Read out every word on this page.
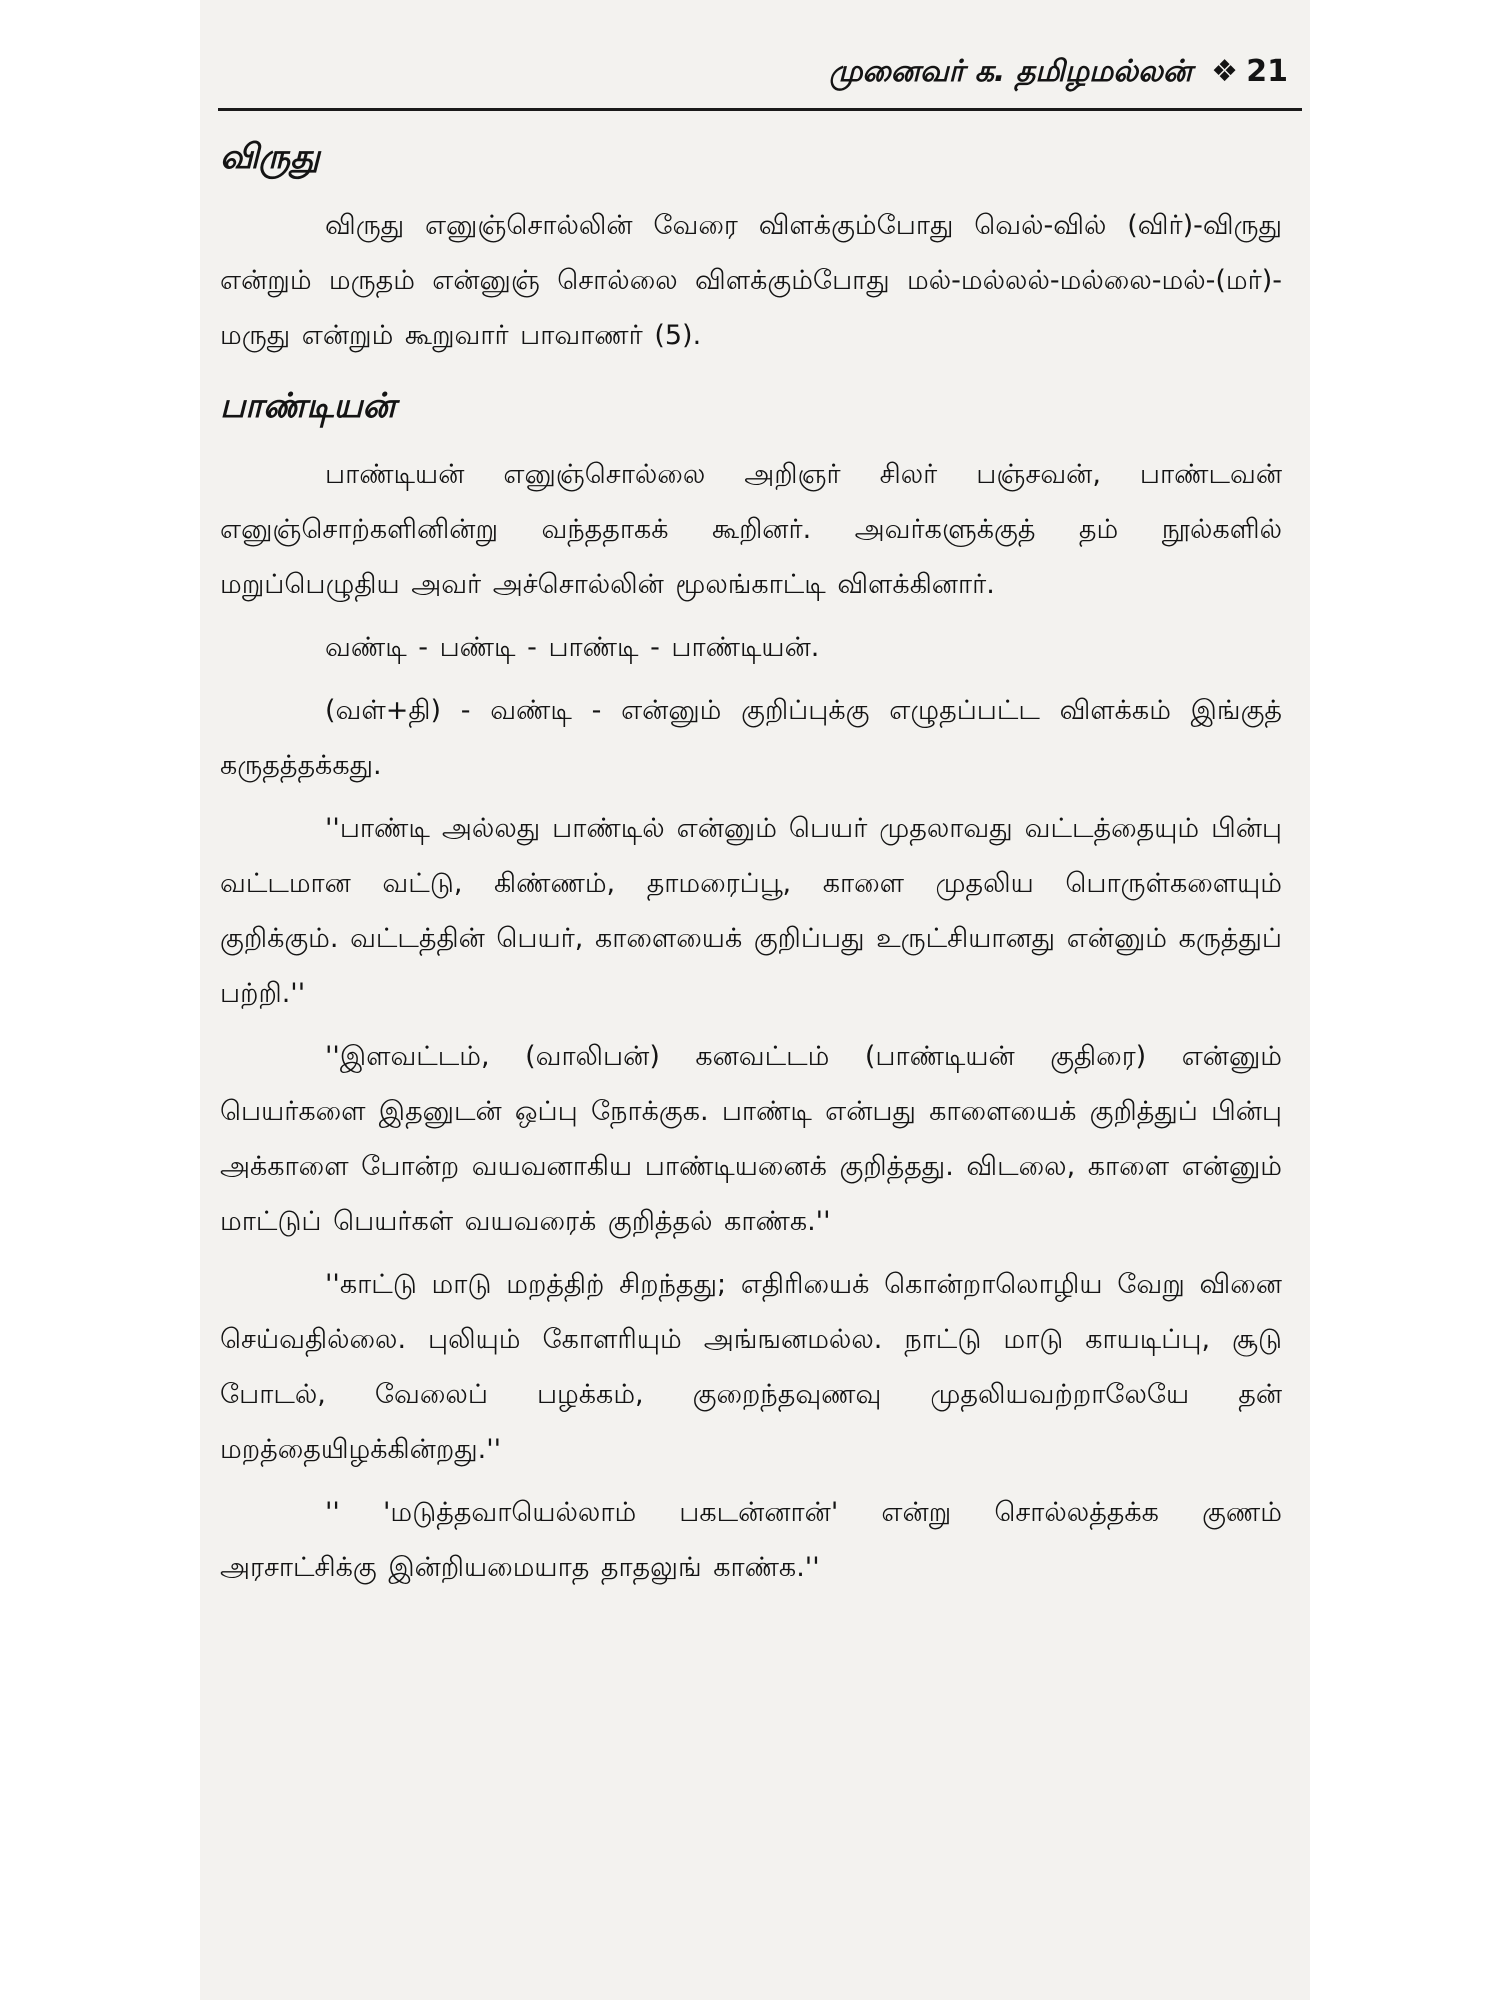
முனைவர் க. தமிழமல்லன் ❖ 21
விருது

விருது எனுஞ்சொல்லின் வேரை விளக்கும்போது வெல்-வில் (விர்)-விருது என்றும் மருதம் என்னுஞ் சொல்லை விளக்கும்போது மல்-மல்லல்-மல்லை-மல்-(மர்)-மருது என்றும் கூறுவார் பாவாணர் (5).

பாண்டியன்

பாண்டியன் எனுஞ்சொல்லை அறிஞர் சிலர் பஞ்சவன், பாண்டவன் எனுஞ்சொற்களினின்று வந்ததாகக் கூறினர். அவர்களுக்குத் தம் நூல்களில் மறுப்பெழுதிய அவர் அச்சொல்லின் மூலங்காட்டி விளக்கினார்.

வண்டி - பண்டி - பாண்டி - பாண்டியன்.

(வள்+தி) - வண்டி - என்னும் குறிப்புக்கு எழுதப்பட்ட விளக்கம் இங்குத் கருதத்தக்கது.

''பாண்டி அல்லது பாண்டில் என்னும் பெயர் முதலாவது வட்டத்தையும் பின்பு வட்டமான வட்டு, கிண்ணம், தாமரைப்பூ, காளை முதலிய பொருள்களையும் குறிக்கும். வட்டத்தின் பெயர், காளையைக் குறிப்பது உருட்சியானது என்னும் கருத்துப் பற்றி.''

''இளவட்டம், (வாலிபன்) கனவட்டம் (பாண்டியன் குதிரை) என்னும் பெயர்களை இதனுடன் ஒப்பு நோக்குக. பாண்டி என்பது காளையைக் குறித்துப் பின்பு அக்காளை போன்ற வயவனாகிய பாண்டியனைக் குறித்தது. விடலை, காளை என்னும் மாட்டுப் பெயர்கள் வயவரைக் குறித்தல் காண்க.''

''காட்டு மாடு மறத்திற் சிறந்தது; எதிரியைக் கொன்றாலொழிய வேறு வினை செய்வதில்லை. புலியும் கோளரியும் அங்ஙனமல்ல. நாட்டு மாடு காயடிப்பு, சூடு போடல், வேலைப் பழக்கம், குறைந்தவுணவு முதலியவற்றாலேயே தன் மறத்தையிழக்கின்றது.''

'' 'மடுத்தவாயெல்லாம் பகடன்னான்' என்று சொல்லத்தக்க குணம் அரசாட்சிக்கு இன்றியமையாத தாதலுங் காண்க.''
